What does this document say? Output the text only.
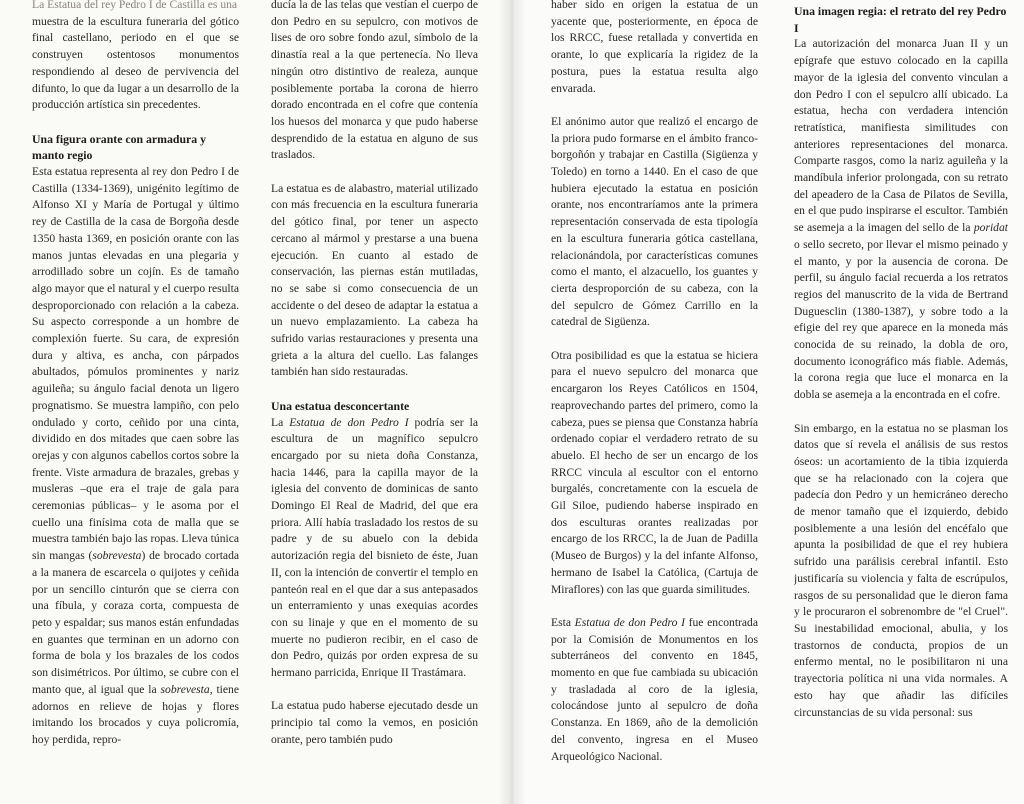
La Estatua del rey Pedro I de Castilla es una

muestra de la escultura funeraria del gótico final castellano, periodo en el que se construyen ostentosos monumentos respondiendo al deseo de pervivencia del difunto, lo que da lugar a un desarrollo de la producción artística sin precedentes.

Una figura orante con armadura y manto regio

Esta estatua representa al rey don Pedro I de Castilla (1334-1369), unigénito legítimo de Alfonso XI y María de Portugal y último rey de Castilla de la casa de Borgoña desde 1350 hasta 1369, en posición orante con las manos juntas elevadas en una plegaria y arrodillado sobre un cojín. Es de tamaño algo mayor que el natural y el cuerpo resulta desproporcionado con relación a la cabeza. Su aspecto corresponde a un hombre de complexión fuerte. Su cara, de expresión dura y altiva, es ancha, con párpados abultados, pómulos prominentes y nariz aguileña; su ángulo facial denota un ligero prognatismo. Se muestra lampiño, con pelo ondulado y corto, ceñido por una cinta, dividido en dos mitades que caen sobre las orejas y con algunos cabellos cortos sobre la frente. Viste armadura de brazales, grebas y musleras –que era el traje de gala para ceremonias públicas– y le asoma por el cuello una finísima cota de malla que se muestra también bajo las ropas. Lleva túnica sin mangas (sobrevesta) de brocado cortada a la manera de escarcela o quijotes y ceñida por un sencillo cinturón que se cierra con una fíbula, y coraza corta, compuesta de peto y espaldar; sus manos están enfundadas en guantes que terminan en un adorno con forma de bola y los brazales de los codos son disimétricos. Por último, se cubre con el manto que, al igual que la sobrevesta, tiene adornos en relieve de hojas y flores imitando los brocados y cuya policromía, hoy perdida, repro-

ducía la de las telas que vestían el cuerpo de don Pedro en su sepulcro, con motivos de lises de oro sobre fondo azul, símbolo de la dinastía real a la que pertenecía. No lleva ningún otro distintivo de realeza, aunque posiblemente portaba la corona de hierro dorado encontrada en el cofre que contenía los huesos del monarca y que pudo haberse desprendido de la estatua en alguno de sus traslados.

La estatua es de alabastro, material utilizado con más frecuencia en la escultura funeraria del gótico final, por tener un aspecto cercano al mármol y prestarse a una buena ejecución. En cuanto al estado de conservación, las piernas están mutiladas, no se sabe si como consecuencia de un accidente o del deseo de adaptar la estatua a un nuevo emplazamiento. La cabeza ha sufrido varias restauraciones y presenta una grieta a la altura del cuello. Las falanges también han sido restauradas.

Una estatua desconcertante

La Estatua de don Pedro I podría ser la escultura de un magnífico sepulcro encargado por su nieta doña Constanza, hacia 1446, para la capilla mayor de la iglesia del convento de dominicas de santo Domingo El Real de Madrid, del que era priora. Allí había trasladado los restos de su padre y de su abuelo con la debida autorización regia del bisnieto de éste, Juan II, con la intención de convertir el templo en panteón real en el que dar a sus antepasados un enterramiento y unas exequias acordes con su linaje y que en el momento de su muerte no pudieron recibir, en el caso de don Pedro, quizás por orden expresa de su hermano parricida, Enrique II Trastámara.

La estatua pudo haberse ejecutado desde un principio tal como la vemos, en posición orante, pero también pudo

haber sido en origen la estatua de un yacente que, posteriormente, en época de los RRCC, fuese retallada y convertida en orante, lo que explicaría la rigidez de la postura, pues la estatua resulta algo envarada.

El anónimo autor que realizó el encargo de la priora pudo formarse en el ámbito franco-borgoñón y trabajar en Castilla (Sigüenza y Toledo) en torno a 1440. En el caso de que hubiera ejecutado la estatua en posición orante, nos encontraríamos ante la primera representación conservada de esta tipología en la escultura funeraria gótica castellana, relacionándola, por características comunes como el manto, el alzacuello, los guantes y cierta desproporción de su cabeza, con la del sepulcro de Gómez Carrillo en la catedral de Sigüenza.

Otra posibilidad es que la estatua se hiciera para el nuevo sepulcro del monarca que encargaron los Reyes Católicos en 1504, reaprovechando partes del primero, como la cabeza, pues se piensa que Constanza habría ordenado copiar el verdadero retrato de su abuelo. El hecho de ser un encargo de los RRCC vincula al escultor con el entorno burgalés, concretamente con la escuela de Gil Siloe, pudiendo haberse inspirado en dos esculturas orantes realizadas por encargo de los RRCC, la de Juan de Padilla (Museo de Burgos) y la del infante Alfonso, hermano de Isabel la Católica, (Cartuja de Miraflores) con las que guarda similitudes.

Esta Estatua de don Pedro I fue encontrada por la Comisión de Monumentos en los subterráneos del convento en 1845, momento en que fue cambiada su ubicación y trasladada al coro de la iglesia, colocándose junto al sepulcro de doña Constanza. En 1869, año de la demolición del convento, ingresa en el Museo Arqueológico Nacional.

Una imagen regia: el retrato del rey Pedro I

La autorización del monarca Juan II y un epígrafe que estuvo colocado en la capilla mayor de la iglesia del convento vinculan a don Pedro I con el sepulcro allí ubicado. La estatua, hecha con verdadera intención retratística, manifiesta similitudes con anteriores representaciones del monarca. Comparte rasgos, como la nariz aguileña y la mandíbula inferior prolongada, con su retrato del apeadero de la Casa de Pilatos de Sevilla, en el que pudo inspirarse el escultor. También se asemeja a la imagen del sello de la poridat o sello secreto, por llevar el mismo peinado y el manto, y por la ausencia de corona. De perfil, su ángulo facial recuerda a los retratos regios del manuscrito de la vida de Bertrand Duguesclin (1380-1387), y sobre todo a la efigie del rey que aparece en la moneda más conocida de su reinado, la dobla de oro, documento iconográfico más fiable. Además, la corona regia que luce el monarca en la dobla se asemeja a la encontrada en el cofre.

Sin embargo, en la estatua no se plasman los datos que sí revela el análisis de sus restos óseos: un acortamiento de la tibia izquierda que se ha relacionado con la cojera que padecía don Pedro y un hemicráneo derecho de menor tamaño que el izquierdo, debido posiblemente a una lesión del encéfalo que apunta la posibilidad de que el rey hubiera sufrido una parálisis cerebral infantil. Esto justificaría su violencia y falta de escrúpulos, rasgos de su personalidad que le dieron fama y le procuraron el sobrenombre de "el Cruel". Su inestabilidad emocional, abulia, y los trastornos de conducta, propios de un enfermo mental, no le posibilitaron ni una trayectoria política ni una vida normales. A esto hay que añadir las difíciles circunstancias de su vida personal: sus
